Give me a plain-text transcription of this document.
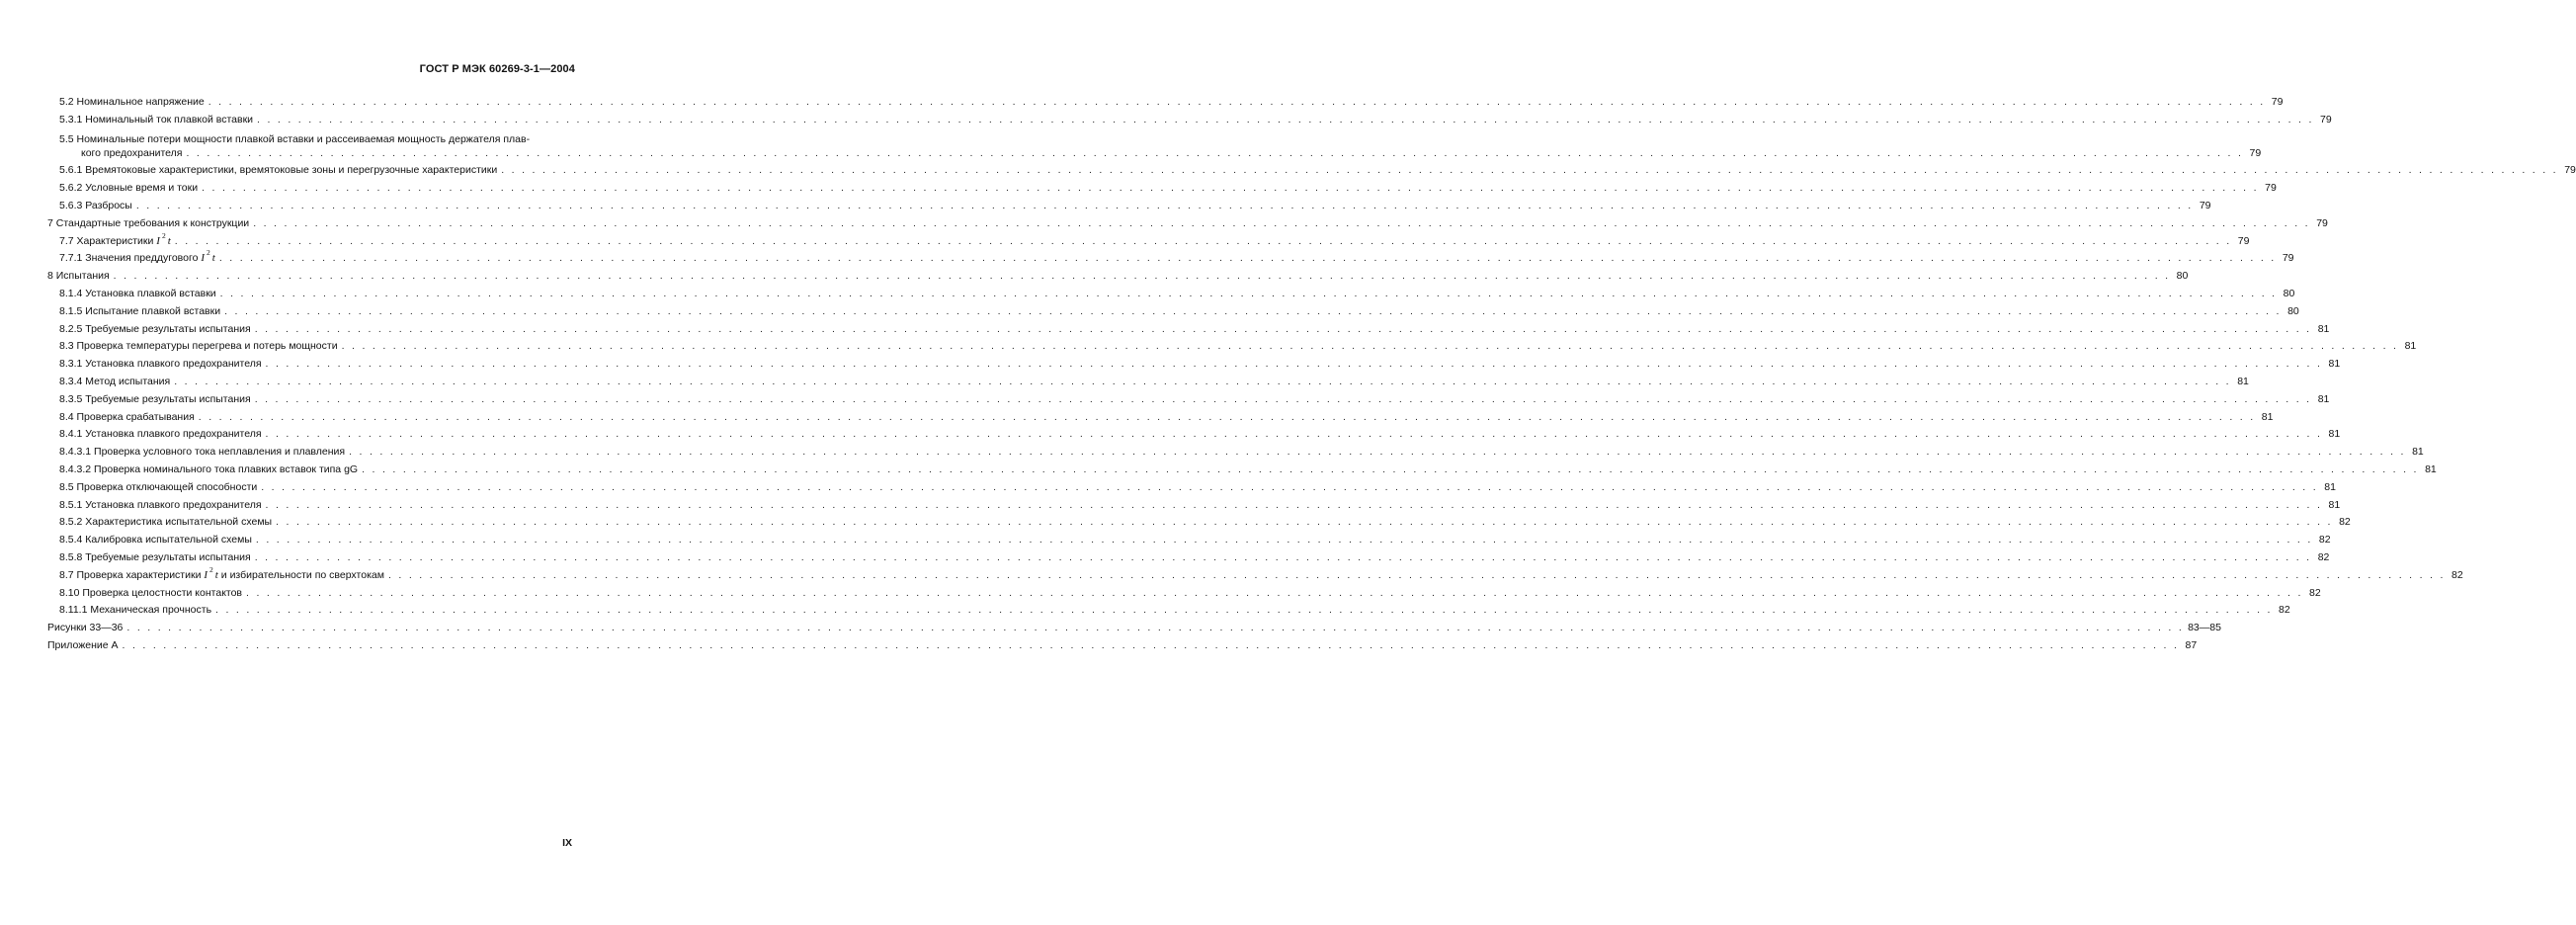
ГОСТ Р МЭК 60269-3-1—2004
5.2 Номинальное напряжение . . . . . . . . . . . . . . . . . . . . . . . . . . . . . . . . . . . . . . . . . . . . . . . . . . . . . . . . . . . . . . . . . . . . . . . . . . . . . . . . . . . . . . . . . . . . . . . . . . . . . . . . . . . . . . . . . . . . . . . . . . . . . . . . . . . . . . . . . . . . . . . . . . . . . . . . . . . . . . . . . . . . . . . . . . . . . . . . . . . . . . . . . . . . . . . . . . . . . . . . 79
5.3.1 Номинальный ток плавкой вставки . . . . . . . . . . . . . . . . . . . . . . . . . . . . . . . . . . . . . . . . . . . . . . . . . . . . . . . . . . . . . . . . . . . . . . . . . . . . . . . . . . . . . . . . . . . . . . . . . . . . . . . . . . . . . . . . . . . . . . . . . . . . . . . . . . . . . . . . . . . . . . . . . . . . . . . . . . . . . . . . . . . . . . . . . . . . . . . . . . . . . . . . . . . . . . . . . . . . . . . . 79
5.5 Номинальные потери мощности плавкой вставки и рассеиваемая мощность держателя плав-
кого предохранителя . . . . . . . . . . . . . . . . . . . . . . . . . . . . . . . . . . . . . . . . . . . . . . . . . . . . . . . . . . . . . . . . . . . . . . . . . . . . . . . . . . . . . . . . . . . . . . . . . . . . . . . . . . . . . . . . . . . . . . . . . . . . . . . . . . . . . . . . . . . . . . . . . . . . . . . . . . . . . . . . . . . . . . . . . . . . . . . . . . . . . . . . . . . . . . . . . . . . . . . . 79
5.6.1 Времятоковые характеристики, времятоковые зоны и перегрузочные характеристики . . . . . . . . . . . . . . . . . . . . . . . . . . . . . . . . . . . . . . . . . . . . . . . . . . . . . . . . . . . . . . . . . . . . . . . . . . . . . . . . . . . . . . . . . . . . . . . . . . . . . . . . . . . . . . . . . . . . . . . . . . . . . . . . . . . . . . . . . . . . . . . . . . . . . . . . . . . . . . . . . . . . . . . . . . . . . . . . . . . . . . . . . . . . . . . . . . . . . . . . 79
5.6.2 Условные время и токи . . . . . . . . . . . . . . . . . . . . . . . . . . . . . . . . . . . . . . . . . . . . . . . . . . . . . . . . . . . . . . . . . . . . . . . . . . . . . . . . . . . . . . . . . . . . . . . . . . . . . . . . . . . . . . . . . . . . . . . . . . . . . . . . . . . . . . . . . . . . . . . . . . . . . . . . . . . . . . . . . . . . . . . . . . . . . . . . . . . . . . . . . . . . . . . . . . . . . . . . 79
5.6.3 Разбросы . . . . . . . . . . . . . . . . . . . . . . . . . . . . . . . . . . . . . . . . . . . . . . . . . . . . . . . . . . . . . . . . . . . . . . . . . . . . . . . . . . . . . . . . . . . . . . . . . . . . . . . . . . . . . . . . . . . . . . . . . . . . . . . . . . . . . . . . . . . . . . . . . . . . . . . . . . . . . . . . . . . . . . . . . . . . . . . . . . . . . . . . . . . . . . . . . . . . . . . . 79
7 Стандартные требования к конструкции . . . . . . . . . . . . . . . . . . . . . . . . . . . . . . . . . . . . . . . . . . . . . . . . . . . . . . . . . . . . . . . . . . . . . . . . . . . . . . . . . . . . . . . . . . . . . . . . . . . . . . . . . . . . . . . . . . . . . . . . . . . . . . . . . . . . . . . . . . . . . . . . . . . . . . . . . . . . . . . . . . . . . . . . . . . . . . . . . . . . . . . . . . . . . . . . . . . . . . . . 79
7.7 Характеристики I $^2$ t . . . . . . . . . . . . . . . . . . . . . . . . . . . . . . . . . . . . . . . . . . . . . . . . . . . . . . . . . . . . . . . . . . . . . . . . . . . . . . . . . . . . . . . . . . . . . . . . . . . . . . . . . . . . . . . . . . . . . . . . . . . . . . . . . . . . . . . . . . . . . . . . . . . . . . . . . . . . . . . . . . . . . . . . . . . . . . . . . . . . . . . . . . . . . . . . . . . . . . . . 79
7.7.1 Значения преддугового I $^2$ t . . . . . . . . . . . . . . . . . . . . . . . . . . . . . . . . . . . . . . . . . . . . . . . . . . . . . . . . . . . . . . . . . . . . . . . . . . . . . . . . . . . . . . . . . . . . . . . . . . . . . . . . . . . . . . . . . . . . . . . . . . . . . . . . . . . . . . . . . . . . . . . . . . . . . . . . . . . . . . . . . . . . . . . . . . . . . . . . . . . . . . . . . . . . . . . . . . . . . . . . 79
8 Испытания . . . . . . . . . . . . . . . . . . . . . . . . . . . . . . . . . . . . . . . . . . . . . . . . . . . . . . . . . . . . . . . . . . . . . . . . . . . . . . . . . . . . . . . . . . . . . . . . . . . . . . . . . . . . . . . . . . . . . . . . . . . . . . . . . . . . . . . . . . . . . . . . . . . . . . . . . . . . . . . . . . . . . . . . . . . . . . . . . . . . . . . . . . . . . . . . . . . . . . . . 80
8.1.4 Установка плавкой вставки . . . . . . . . . . . . . . . . . . . . . . . . . . . . . . . . . . . . . . . . . . . . . . . . . . . . . . . . . . . . . . . . . . . . . . . . . . . . . . . . . . . . . . . . . . . . . . . . . . . . . . . . . . . . . . . . . . . . . . . . . . . . . . . . . . . . . . . . . . . . . . . . . . . . . . . . . . . . . . . . . . . . . . . . . . . . . . . . . . . . . . . . . . . . . . . . . . . . . . . . 80
8.1.5 Испытание плавкой вставки . . . . . . . . . . . . . . . . . . . . . . . . . . . . . . . . . . . . . . . . . . . . . . . . . . . . . . . . . . . . . . . . . . . . . . . . . . . . . . . . . . . . . . . . . . . . . . . . . . . . . . . . . . . . . . . . . . . . . . . . . . . . . . . . . . . . . . . . . . . . . . . . . . . . . . . . . . . . . . . . . . . . . . . . . . . . . . . . . . . . . . . . . . . . . . . . . . . . . . . . 80
8.2.5 Требуемые результаты испытания . . . . . . . . . . . . . . . . . . . . . . . . . . . . . . . . . . . . . . . . . . . . . . . . . . . . . . . . . . . . . . . . . . . . . . . . . . . . . . . . . . . . . . . . . . . . . . . . . . . . . . . . . . . . . . . . . . . . . . . . . . . . . . . . . . . . . . . . . . . . . . . . . . . . . . . . . . . . . . . . . . . . . . . . . . . . . . . . . . . . . . . . . . . . . . . . . . . . . . . . 81
8.3 Проверка температуры перегрева и потерь мощности . . . . . . . . . . . . . . . . . . . . . . . . . . . . . . . . . . . . . . . . . . . . . . . . . . . . . . . . . . . . . . . . . . . . . . . . . . . . . . . . . . . . . . . . . . . . . . . . . . . . . . . . . . . . . . . . . . . . . . . . . . . . . . . . . . . . . . . . . . . . . . . . . . . . . . . . . . . . . . . . . . . . . . . . . . . . . . . . . . . . . . . . . . . . . . . . . . . . . . . . 81
8.3.1 Установка плавкого предохранителя . . . . . . . . . . . . . . . . . . . . . . . . . . . . . . . . . . . . . . . . . . . . . . . . . . . . . . . . . . . . . . . . . . . . . . . . . . . . . . . . . . . . . . . . . . . . . . . . . . . . . . . . . . . . . . . . . . . . . . . . . . . . . . . . . . . . . . . . . . . . . . . . . . . . . . . . . . . . . . . . . . . . . . . . . . . . . . . . . . . . . . . . . . . . . . . . . . . . . . . . 81
8.3.4 Метод испытания . . . . . . . . . . . . . . . . . . . . . . . . . . . . . . . . . . . . . . . . . . . . . . . . . . . . . . . . . . . . . . . . . . . . . . . . . . . . . . . . . . . . . . . . . . . . . . . . . . . . . . . . . . . . . . . . . . . . . . . . . . . . . . . . . . . . . . . . . . . . . . . . . . . . . . . . . . . . . . . . . . . . . . . . . . . . . . . . . . . . . . . . . . . . . . . . . . . . . . . . 81
8.3.5 Требуемые результаты испытания . . . . . . . . . . . . . . . . . . . . . . . . . . . . . . . . . . . . . . . . . . . . . . . . . . . . . . . . . . . . . . . . . . . . . . . . . . . . . . . . . . . . . . . . . . . . . . . . . . . . . . . . . . . . . . . . . . . . . . . . . . . . . . . . . . . . . . . . . . . . . . . . . . . . . . . . . . . . . . . . . . . . . . . . . . . . . . . . . . . . . . . . . . . . . . . . . . . . . . . . 81
8.4 Проверка срабатывания . . . . . . . . . . . . . . . . . . . . . . . . . . . . . . . . . . . . . . . . . . . . . . . . . . . . . . . . . . . . . . . . . . . . . . . . . . . . . . . . . . . . . . . . . . . . . . . . . . . . . . . . . . . . . . . . . . . . . . . . . . . . . . . . . . . . . . . . . . . . . . . . . . . . . . . . . . . . . . . . . . . . . . . . . . . . . . . . . . . . . . . . . . . . . . . . . . . . . . . . 81
8.4.1 Установка плавкого предохранителя . . . . . . . . . . . . . . . . . . . . . . . . . . . . . . . . . . . . . . . . . . . . . . . . . . . . . . . . . . . . . . . . . . . . . . . . . . . . . . . . . . . . . . . . . . . . . . . . . . . . . . . . . . . . . . . . . . . . . . . . . . . . . . . . . . . . . . . . . . . . . . . . . . . . . . . . . . . . . . . . . . . . . . . . . . . . . . . . . . . . . . . . . . . . . . . . . . . . . . . . 81
8.4.3.1 Проверка условного тока неплавления и плавления . . . . . . . . . . . . . . . . . . . . . . . . . . . . . . . . . . . . . . . . . . . . . . . . . . . . . . . . . . . . . . . . . . . . . . . . . . . . . . . . . . . . . . . . . . . . . . . . . . . . . . . . . . . . . . . . . . . . . . . . . . . . . . . . . . . . . . . . . . . . . . . . . . . . . . . . . . . . . . . . . . . . . . . . . . . . . . . . . . . . . . . . . . . . . . . . . . . . . . . . 81
8.4.3.2 Проверка номинального тока плавких вставок типа gG . . . . . . . . . . . . . . . . . . . . . . . . . . . . . . . . . . . . . . . . . . . . . . . . . . . . . . . . . . . . . . . . . . . . . . . . . . . . . . . . . . . . . . . . . . . . . . . . . . . . . . . . . . . . . . . . . . . . . . . . . . . . . . . . . . . . . . . . . . . . . . . . . . . . . . . . . . . . . . . . . . . . . . . . . . . . . . . . . . . . . . . . . . . . . . . . . . . . . . . . 81
8.5 Проверка отключающей способности . . . . . . . . . . . . . . . . . . . . . . . . . . . . . . . . . . . . . . . . . . . . . . . . . . . . . . . . . . . . . . . . . . . . . . . . . . . . . . . . . . . . . . . . . . . . . . . . . . . . . . . . . . . . . . . . . . . . . . . . . . . . . . . . . . . . . . . . . . . . . . . . . . . . . . . . . . . . . . . . . . . . . . . . . . . . . . . . . . . . . . . . . . . . . . . . . . . . . . . . 81
8.5.1 Установка плавкого предохранителя . . . . . . . . . . . . . . . . . . . . . . . . . . . . . . . . . . . . . . . . . . . . . . . . . . . . . . . . . . . . . . . . . . . . . . . . . . . . . . . . . . . . . . . . . . . . . . . . . . . . . . . . . . . . . . . . . . . . . . . . . . . . . . . . . . . . . . . . . . . . . . . . . . . . . . . . . . . . . . . . . . . . . . . . . . . . . . . . . . . . . . . . . . . . . . . . . . . . . . . . 81
8.5.2 Характеристика испытательной схемы . . . . . . . . . . . . . . . . . . . . . . . . . . . . . . . . . . . . . . . . . . . . . . . . . . . . . . . . . . . . . . . . . . . . . . . . . . . . . . . . . . . . . . . . . . . . . . . . . . . . . . . . . . . . . . . . . . . . . . . . . . . . . . . . . . . . . . . . . . . . . . . . . . . . . . . . . . . . . . . . . . . . . . . . . . . . . . . . . . . . . . . . . . . . . . . . . . . . . . . . 82
8.5.4 Калибровка испытательной схемы . . . . . . . . . . . . . . . . . . . . . . . . . . . . . . . . . . . . . . . . . . . . . . . . . . . . . . . . . . . . . . . . . . . . . . . . . . . . . . . . . . . . . . . . . . . . . . . . . . . . . . . . . . . . . . . . . . . . . . . . . . . . . . . . . . . . . . . . . . . . . . . . . . . . . . . . . . . . . . . . . . . . . . . . . . . . . . . . . . . . . . . . . . . . . . . . . . . . . . . . 82
8.5.8 Требуемые результаты испытания . . . . . . . . . . . . . . . . . . . . . . . . . . . . . . . . . . . . . . . . . . . . . . . . . . . . . . . . . . . . . . . . . . . . . . . . . . . . . . . . . . . . . . . . . . . . . . . . . . . . . . . . . . . . . . . . . . . . . . . . . . . . . . . . . . . . . . . . . . . . . . . . . . . . . . . . . . . . . . . . . . . . . . . . . . . . . . . . . . . . . . . . . . . . . . . . . . . . . . . . 82
8.7 Проверка характеристики I $^2$ t и избирательности по сверхтокам . . . . . . . . . . . . . . . . . . . . . . . . . . . . . . . . . . . . . . . . . . . . . . . . . . . . . . . . . . . . . . . . . . . . . . . . . . . . . . . . . . . . . . . . . . . . . . . . . . . . . . . . . . . . . . . . . . . . . . . . . . . . . . . . . . . . . . . . . . . . . . . . . . . . . . . . . . . . . . . . . . . . . . . . . . . . . . . . . . . . . . . . . . . . . . . . . . . . . . . . 82
8.10 Проверка целостности контактов . . . . . . . . . . . . . . . . . . . . . . . . . . . . . . . . . . . . . . . . . . . . . . . . . . . . . . . . . . . . . . . . . . . . . . . . . . . . . . . . . . . . . . . . . . . . . . . . . . . . . . . . . . . . . . . . . . . . . . . . . . . . . . . . . . . . . . . . . . . . . . . . . . . . . . . . . . . . . . . . . . . . . . . . . . . . . . . . . . . . . . . . . . . . . . . . . . . . . . . . 82
8.11.1 Механическая прочность . . . . . . . . . . . . . . . . . . . . . . . . . . . . . . . . . . . . . . . . . . . . . . . . . . . . . . . . . . . . . . . . . . . . . . . . . . . . . . . . . . . . . . . . . . . . . . . . . . . . . . . . . . . . . . . . . . . . . . . . . . . . . . . . . . . . . . . . . . . . . . . . . . . . . . . . . . . . . . . . . . . . . . . . . . . . . . . . . . . . . . . . . . . . . . . . . . . . . . . . 82
Рисунки 33—36 . . . . . . . . . . . . . . . . . . . . . . . . . . . . . . . . . . . . . . . . . . . . . . . . . . . . . . . . . . . . . . . . . . . . . . . . . . . . . . . . . . . . . . . . . . . . . . . . . . . . . . . . . . . . . . . . . . . . . . . . . . . . . . . . . . . . . . . . . . . . . . . . . . . . . . . . . . . . . . . . . . . . . . . . . . . . . . . . . . . . . . . . . . . . . . . . . . . . . . . . 83—85
Приложение А . . . . . . . . . . . . . . . . . . . . . . . . . . . . . . . . . . . . . . . . . . . . . . . . . . . . . . . . . . . . . . . . . . . . . . . . . . . . . . . . . . . . . . . . . . . . . . . . . . . . . . . . . . . . . . . . . . . . . . . . . . . . . . . . . . . . . . . . . . . . . . . . . . . . . . . . . . . . . . . . . . . . . . . . . . . . . . . . . . . . . . . . . . . . . . . . . . . . . . . . 87
IX
